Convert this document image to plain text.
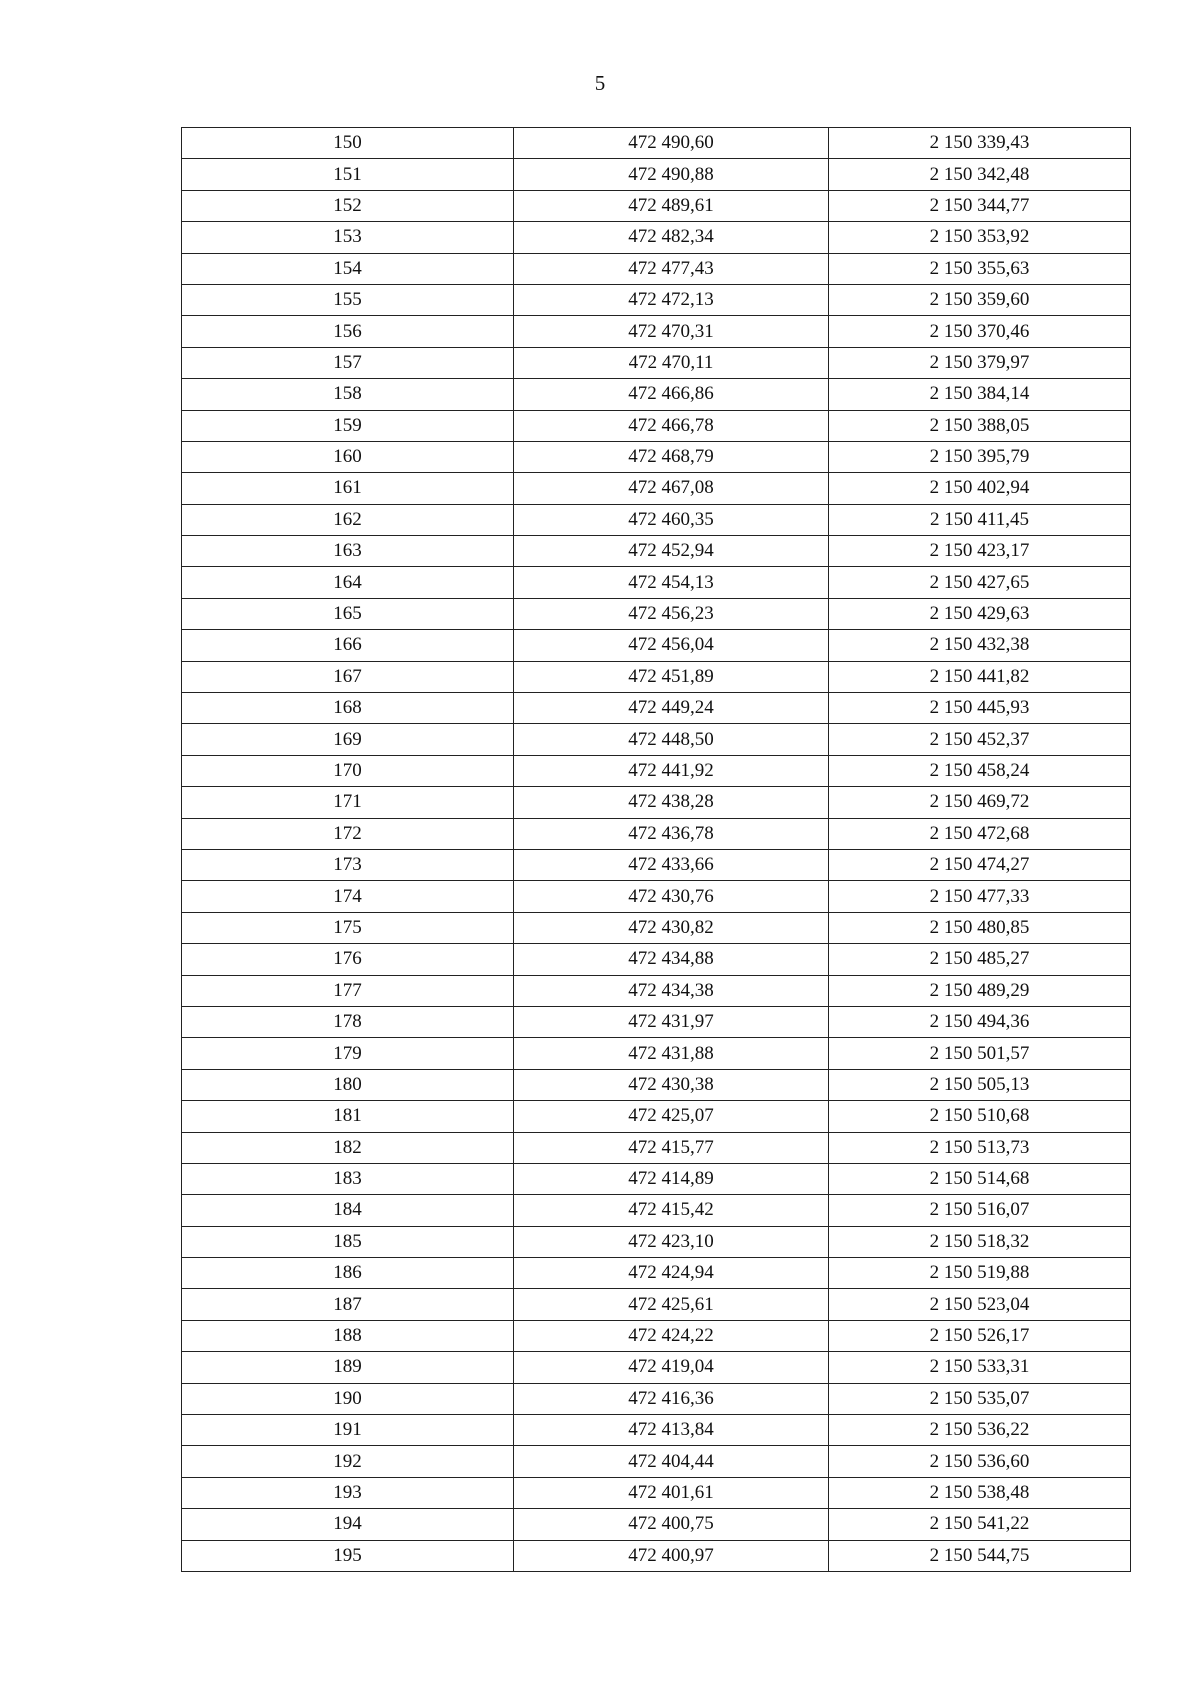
5
150	472 490,60	2 150 339,43
151	472 490,88	2 150 342,48
152	472 489,61	2 150 344,77
153	472 482,34	2 150 353,92
154	472 477,43	2 150 355,63
155	472 472,13	2 150 359,60
156	472 470,31	2 150 370,46
157	472 470,11	2 150 379,97
158	472 466,86	2 150 384,14
159	472 466,78	2 150 388,05
160	472 468,79	2 150 395,79
161	472 467,08	2 150 402,94
162	472 460,35	2 150 411,45
163	472 452,94	2 150 423,17
164	472 454,13	2 150 427,65
165	472 456,23	2 150 429,63
166	472 456,04	2 150 432,38
167	472 451,89	2 150 441,82
168	472 449,24	2 150 445,93
169	472 448,50	2 150 452,37
170	472 441,92	2 150 458,24
171	472 438,28	2 150 469,72
172	472 436,78	2 150 472,68
173	472 433,66	2 150 474,27
174	472 430,76	2 150 477,33
175	472 430,82	2 150 480,85
176	472 434,88	2 150 485,27
177	472 434,38	2 150 489,29
178	472 431,97	2 150 494,36
179	472 431,88	2 150 501,57
180	472 430,38	2 150 505,13
181	472 425,07	2 150 510,68
182	472 415,77	2 150 513,73
183	472 414,89	2 150 514,68
184	472 415,42	2 150 516,07
185	472 423,10	2 150 518,32
186	472 424,94	2 150 519,88
187	472 425,61	2 150 523,04
188	472 424,22	2 150 526,17
189	472 419,04	2 150 533,31
190	472 416,36	2 150 535,07
191	472 413,84	2 150 536,22
192	472 404,44	2 150 536,60
193	472 401,61	2 150 538,48
194	472 400,75	2 150 541,22
195	472 400,97	2 150 544,75
